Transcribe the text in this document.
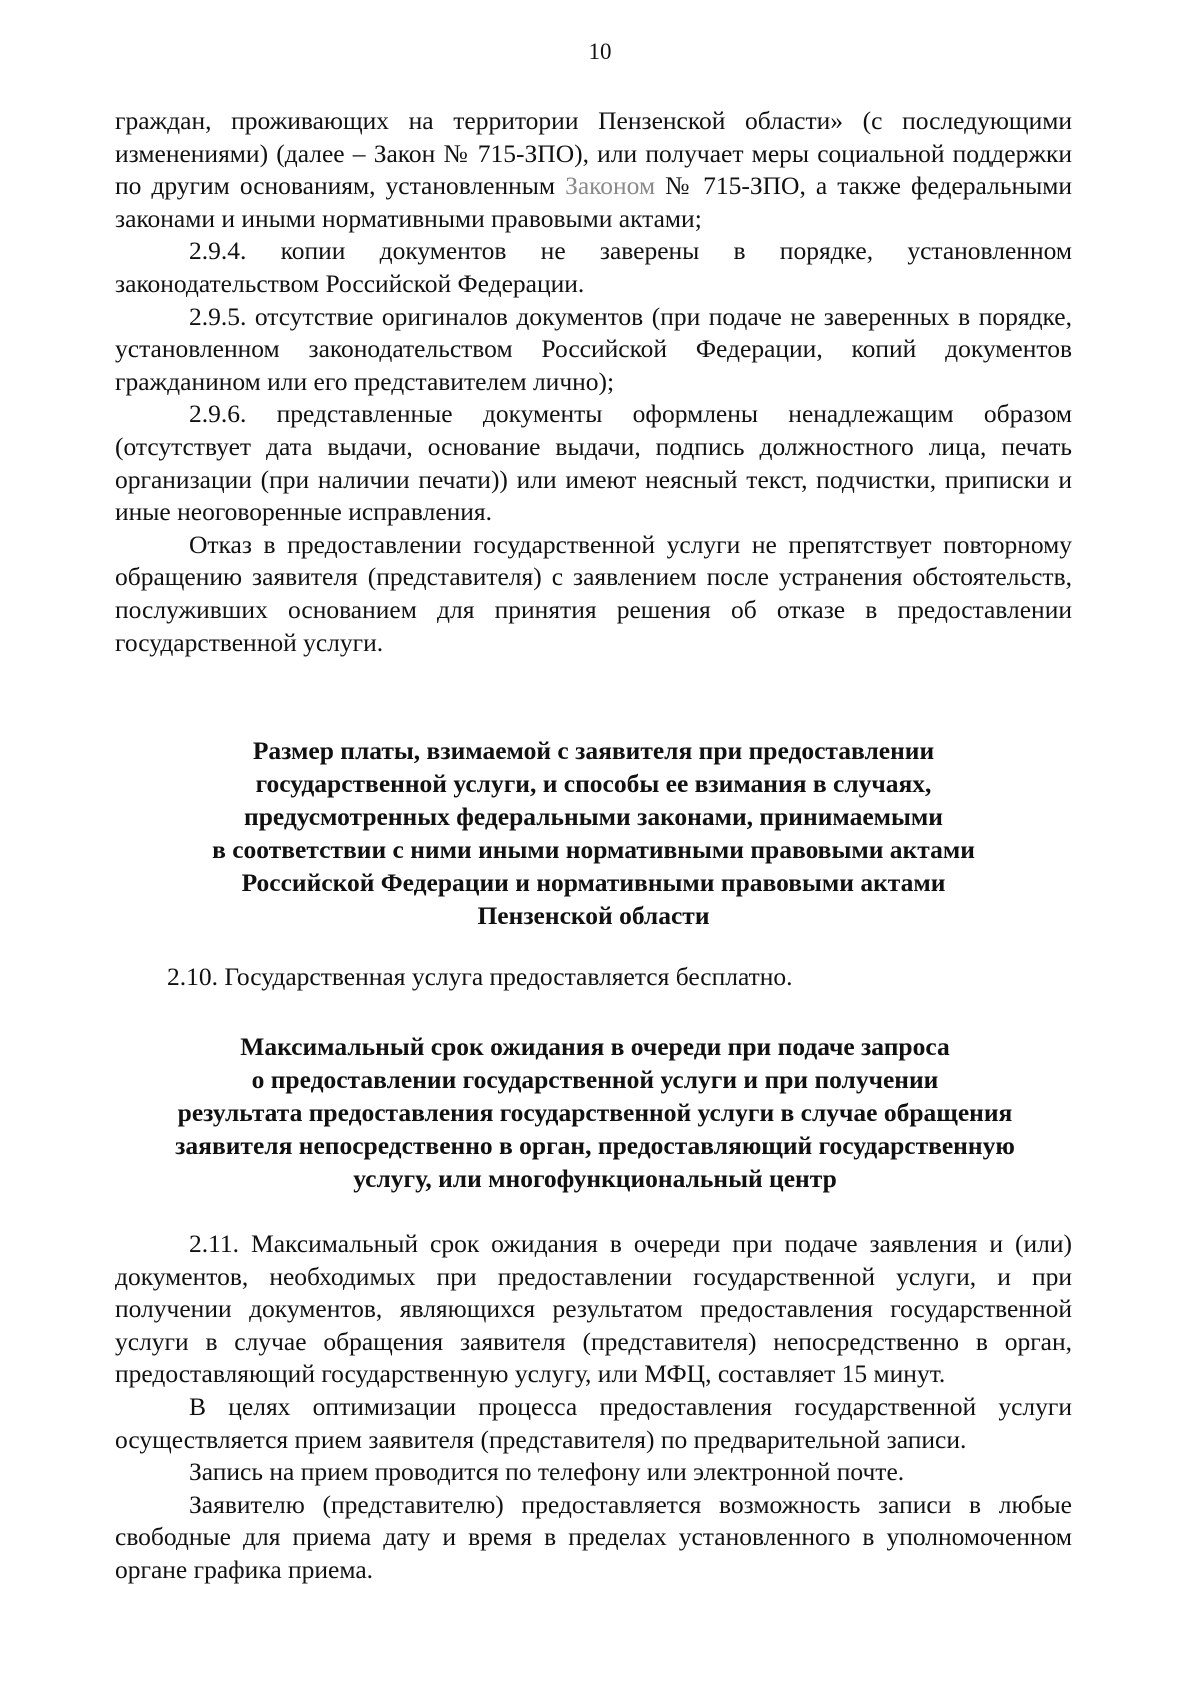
10

граждан, проживающих на территории Пензенской области» (с последующими изменениями) (далее – Закон № 715-ЗПО), или получает меры социальной поддержки по другим основаниям, установленным Законом № 715-ЗПО, а также федеральными законами и иными нормативными правовыми актами;

2.9.4. копии документов не заверены в порядке, установленном законодательством Российской Федерации.

2.9.5. отсутствие оригиналов документов (при подаче не заверенных в порядке, установленном законодательством Российской Федерации, копий документов гражданином или его представителем лично);

2.9.6. представленные документы оформлены ненадлежащим образом (отсутствует дата выдачи, основание выдачи, подпись должностного лица, печать организации (при наличии печати)) или имеют неясный текст, подчистки, приписки и иные неоговоренные исправления.

Отказ в предоставлении государственной услуги не препятствует повторному обращению заявителя (представителя) с заявлением после устранения обстоятельств, послуживших основанием для принятия решения об отказе в предоставлении государственной услуги.

Размер платы, взимаемой с заявителя при предоставлении
государственной услуги, и способы ее взимания в случаях,
предусмотренных федеральными законами, принимаемыми
в соответствии с ними иными нормативными правовыми актами
Российской Федерации и нормативными правовыми актами
Пензенской области

2.10. Государственная услуга предоставляется бесплатно.

Максимальный срок ожидания в очереди при подаче запроса
о предоставлении государственной услуги и при получении
результата предоставления государственной услуги в случае обращения
заявителя непосредственно в орган, предоставляющий государственную
услугу, или многофункциональный центр

2.11. Максимальный срок ожидания в очереди при подаче заявления и (или) документов, необходимых при предоставлении государственной услуги, и при получении документов, являющихся результатом предоставления государственной услуги в случае обращения заявителя (представителя) непосредственно в орган, предоставляющий государственную услугу, или МФЦ, составляет 15 минут.

В целях оптимизации процесса предоставления государственной услуги осуществляется прием заявителя (представителя) по предварительной записи.

Запись на прием проводится по телефону или электронной почте.

Заявителю (представителю) предоставляется возможность записи в любые свободные для приема дату и время в пределах установленного в уполномоченном органе графика приема.
